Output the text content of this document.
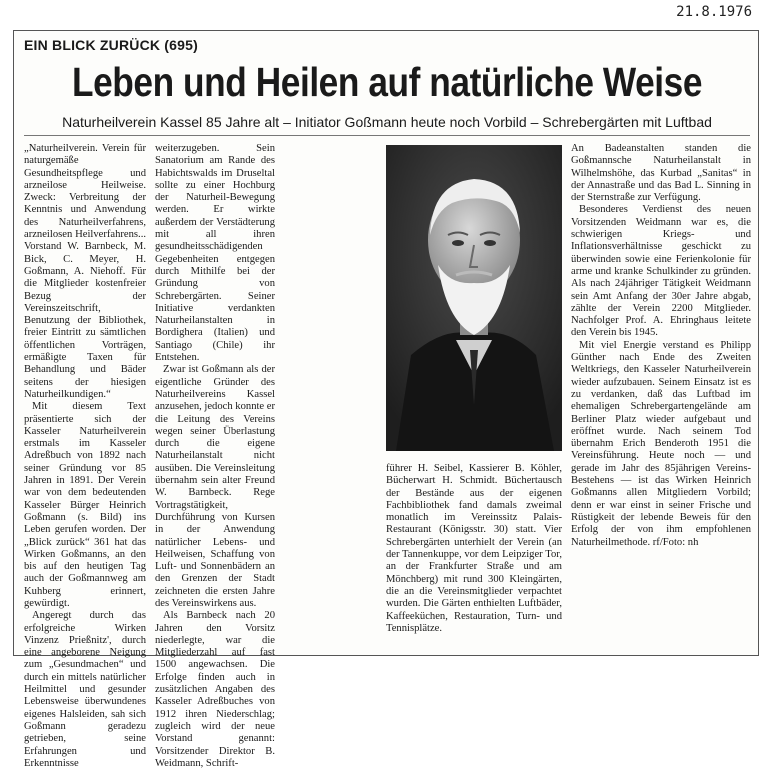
21.8.1976
EIN BLICK ZURÜCK (695)
Leben und Heilen auf natürliche Weise
Naturheilverein Kassel 85 Jahre alt – Initiator Goßmann heute noch Vorbild – Schrebergärten mit Luftbad

„Naturheilverein. Verein für naturgemäße Gesundheitspflege und arzneilose Heilweise. Zweck: Verbreitung der Kenntnis und Anwendung des Naturheilverfahrens, arzneilosen Heilverfahrens... Vorstand W. Barnbeck, M. Bick, C. Meyer, H. Goßmann, A. Niehoff. Für die Mitglieder kostenfreier Bezug der Vereinszeitschrift, Benutzung der Bibliothek, freier Eintritt zu sämtlichen öffentlichen Vorträgen, ermäßigte Taxen für Behandlung und Bäder seitens der hiesigen Naturheilkundigen.“

Mit diesem Text präsentierte sich der Kasseler Naturheilverein erstmals im Kasseler Adreßbuch von 1892 nach seiner Gründung vor 85 Jahren in 1891. Der Verein war von dem bedeutenden Kasseler Bürger Heinrich Goßmann (s. Bild) ins Leben gerufen worden. Der „Blick zurück“ 361 hat das Wirken Goßmanns, an den bis auf den heutigen Tag auch der Goßmannweg am Kuhberg erinnert, gewürdigt.

Angeregt durch das erfolgreiche Wirken Vinzenz Prießnitz', durch eine angeborene Neigung zum „Gesundmachen“ und durch ein mittels natürlicher Heilmittel und gesunder Lebensweise überwundenes eigenes Halsleiden, sah sich Goßmann geradezu getrieben, seine Erfahrungen und Erkenntnisse

weiterzugeben. Sein Sanatorium am Rande des Habichtswalds im Druseltal sollte zu einer Hochburg der Naturheil-Bewegung werden. Er wirkte außerdem der Verstädterung mit all ihren gesundheitsschädigenden Gegebenheiten entgegen durch Mithilfe bei der Gründung von Schrebergärten. Seiner Initiative verdankten Naturheilanstalten in Bordighera (Italien) und Santiago (Chile) ihr Entstehen.

Zwar ist Goßmann als der eigentliche Gründer des Naturheilvereins Kassel anzusehen, jedoch konnte er die Leitung des Vereins wegen seiner Überlastung durch die eigene Naturheilanstalt nicht ausüben. Die Vereinsleitung übernahm sein alter Freund W. Barnbeck. Rege Vortragstätigkeit, Durchführung von Kursen in der Anwendung natürlicher Lebens- und Heilweisen, Schaffung von Luft- und Sonnenbädern an den Grenzen der Stadt zeichneten die ersten Jahre des Vereinswirkens aus.

Als Barnbeck nach 20 Jahren den Vorsitz niederlegte, war die Mitgliederzahl auf fast 1500 angewachsen. Die Erfolge finden auch in zusätzlichen Angaben des Kasseler Adreßbuches von 1912 ihren Niederschlag; zugleich wird der neue Vorstand genannt: Vorsitzender Direktor B. Weidmann, Schrift-

führer H. Seibel, Kassierer B. Köhler, Bücherwart H. Schmidt. Büchertausch der Bestände aus der eigenen Fachbibliothek fand damals zweimal monatlich im Vereinssitz Palais-Restaurant (Königsstr. 30) statt. Vier Schrebergärten unterhielt der Verein (an der Tannenkuppe, vor dem Leipziger Tor, an der Frankfurter Straße und am Mönchberg) mit rund 300 Kleingärten, die an die Vereinsmitglieder verpachtet wurden. Die Gärten enthielten Luftbäder, Kaffeeküchen, Restauration, Turn- und Tennisplätze.

An Badeanstalten standen die Goßmannsche Naturheilanstalt in Wilhelmshöhe, das Kurbad „Sanitas“ in der Annastraße und das Bad L. Sinning in der Sternstraße zur Verfügung.

Besonderes Verdienst des neuen Vorsitzenden Weidmann war es, die schwierigen Kriegs- und Inflationsverhältnisse geschickt zu überwinden sowie eine Ferienkolonie für arme und kranke Schulkinder zu gründen. Als nach 24jähriger Tätigkeit Weidmann sein Amt Anfang der 30er Jahre abgab, zählte der Verein 2200 Mitglieder. Nachfolger Prof. A. Ehringhaus leitete den Verein bis 1945.

Mit viel Energie verstand es Philipp Günther nach Ende des Zweiten Weltkriegs, den Kasseler Naturheilverein wieder aufzubauen. Seinem Einsatz ist es zu verdanken, daß das Luftbad im ehemaligen Schrebergartengelände am Berliner Platz wieder aufgebaut und eröffnet wurde. Nach seinem Tod übernahm Erich Benderoth 1951 die Vereinsführung. Heute noch — und gerade im Jahr des 85jährigen Vereins-Bestehens — ist das Wirken Heinrich Goßmanns allen Mitgliedern Vorbild; denn er war einst in seiner Frische und Rüstigkeit der lebende Beweis für den Erfolg der von ihm empfohlenen Naturheilmethode. rf/Foto: nh
